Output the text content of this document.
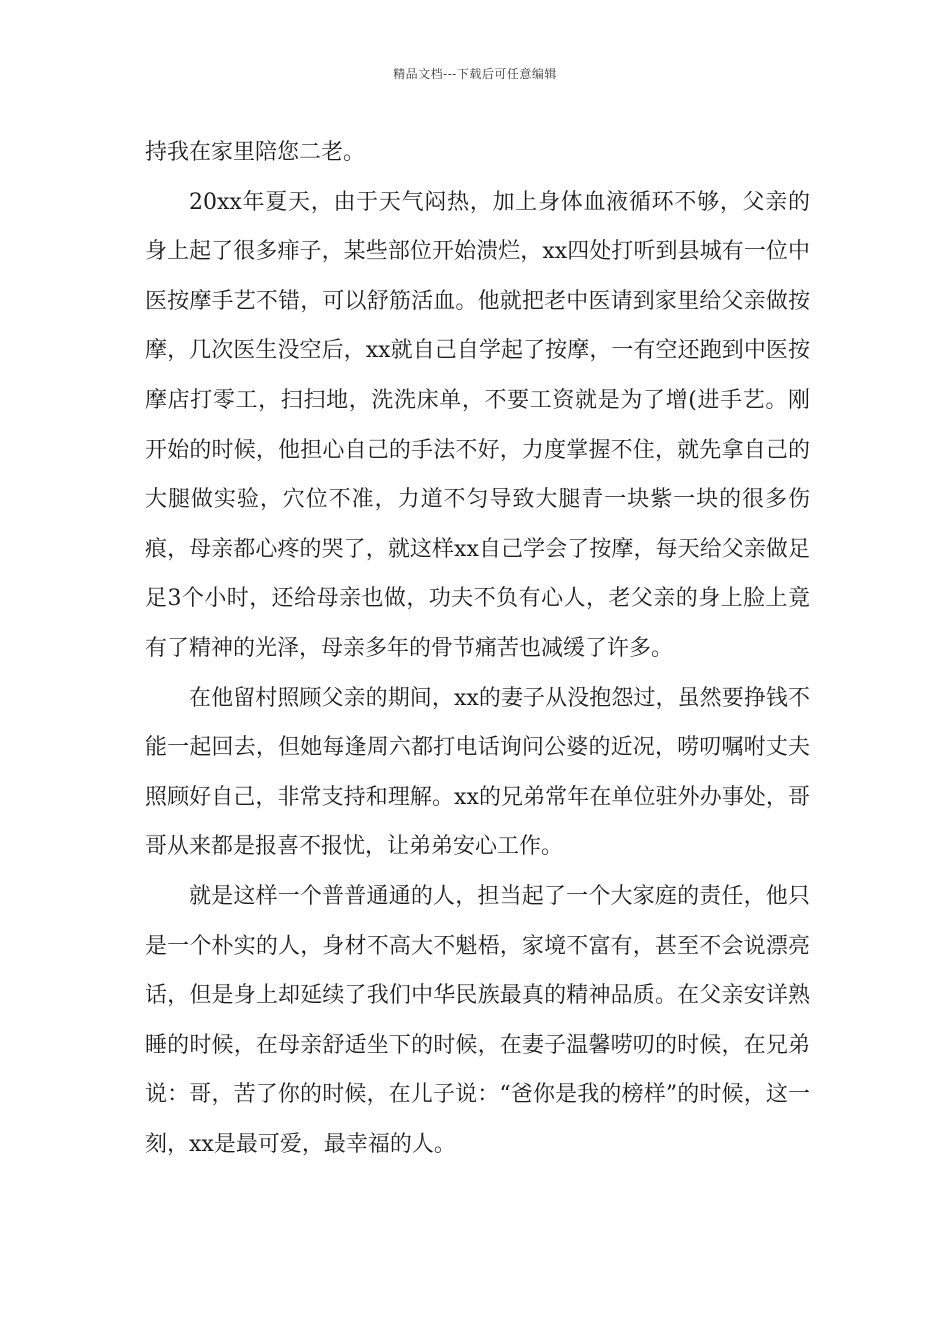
精品文档---下载后可任意编辑

持我在家里陪您二老。

20xx年夏天，由于天气闷热，加上身体血液循环不够，父亲的身上起了很多痱子，某些部位开始溃烂，xx四处打听到县城有一位中医按摩手艺不错，可以舒筋活血。他就把老中医请到家里给父亲做按摩，几次医生没空后，xx就自己自学起了按摩，一有空还跑到中医按摩店打零工，扫扫地，洗洗床单，不要工资就是为了增(进手艺。刚开始的时候，他担心自己的手法不好，力度掌握不住，就先拿自己的大腿做实验，穴位不准，力道不匀导致大腿青一块紫一块的很多伤痕，母亲都心疼的哭了，就这样xx自己学会了按摩，每天给父亲做足足3个小时，还给母亲也做，功夫不负有心人，老父亲的身上脸上竟有了精神的光泽，母亲多年的骨节痛苦也减缓了许多。

在他留村照顾父亲的期间，xx的妻子从没抱怨过，虽然要挣钱不能一起回去，但她每逢周六都打电话询问公婆的近况，唠叨嘱咐丈夫照顾好自己，非常支持和理解。xx的兄弟常年在单位驻外办事处，哥哥从来都是报喜不报忧，让弟弟安心工作。

就是这样一个普普通通的人，担当起了一个大家庭的责任，他只是一个朴实的人，身材不高大不魁梧，家境不富有，甚至不会说漂亮话，但是身上却延续了我们中华民族最真的精神品质。在父亲安详熟睡的时候，在母亲舒适坐下的时候，在妻子温馨唠叨的时候，在兄弟说：哥，苦了你的时候，在儿子说：“爸你是我的榜样”的时候，这一刻，xx是最可爱，最幸福的人。
